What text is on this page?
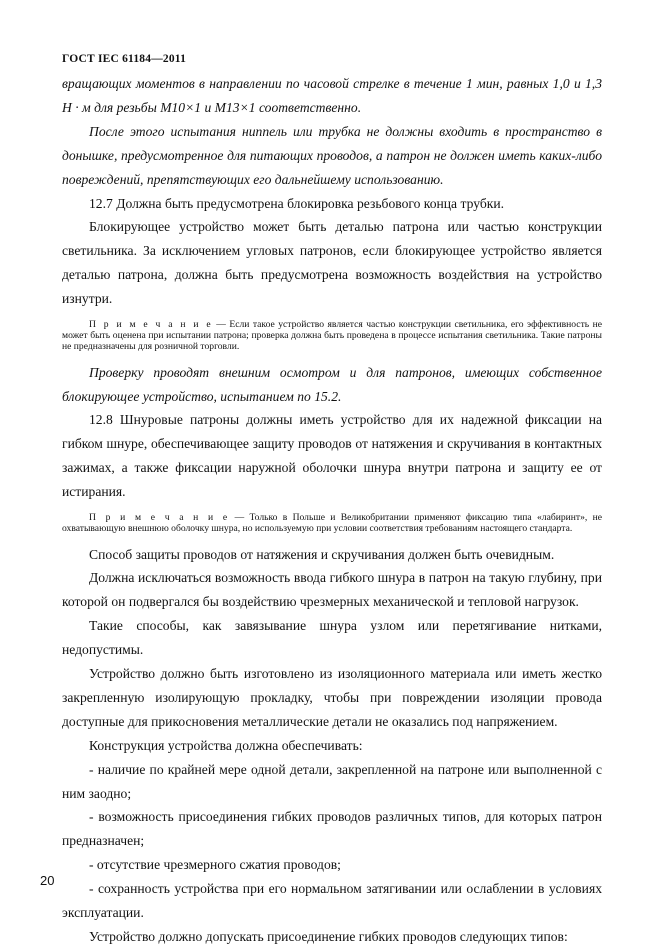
ГОСТ IEC 61184—2011

вращающих моментов в направлении по часовой стрелке в течение 1 мин, равных 1,0 и 1,3 Н · м для резьбы М10×1 и М13×1 соответственно.

После этого испытания ниппель или трубка не должны входить в пространство в донышке, предусмотренное для питающих проводов, а патрон не должен иметь каких-либо повреждений, препятствующих его дальнейшему использованию.

12.7 Должна быть предусмотрена блокировка резьбового конца трубки.

Блокирующее устройство может быть деталью патрона или частью конструкции светильника. За исключением угловых патронов, если блокирующее устройство является деталью патрона, должна быть предусмотрена возможность воздействия на устройство изнутри.

П р и м е ч а н и е — Если такое устройство является частью конструкции светильника, его эффективность не может быть оценена при испытании патрона; проверка должна быть проведена в процессе испытания светильника. Такие патроны не предназначены для розничной торговли.

Проверку проводят внешним осмотром и для патронов, имеющих собственное блокирующее устройство, испытанием по 15.2.

12.8 Шнуровые патроны должны иметь устройство для их надежной фиксации на гибком шнуре, обеспечивающее защиту проводов от натяжения и скручивания в контактных зажимах, а также фиксации наружной оболочки шнура внутри патрона и защиту ее от истирания.

П р и м е ч а н и е — Только в Польше и Великобритании применяют фиксацию типа «лабиринт», не охватывающую внешнюю оболочку шнура, но используемую при условии соответствия требованиям настоящего стандарта.

Способ защиты проводов от натяжения и скручивания должен быть очевидным.

Должна исключаться возможность ввода гибкого шнура в патрон на такую глубину, при которой он подвергался бы воздействию чрезмерных механической и тепловой нагрузок.

Такие способы, как завязывание шнура узлом или перетягивание нитками, недопустимы.

Устройство должно быть изготовлено из изоляционного материала или иметь жестко закрепленную изолирующую прокладку, чтобы при повреждении изоляции провода доступные для прикосновения металлические детали не оказались под напряжением.

Конструкция устройства должна обеспечивать:

- наличие по крайней мере одной детали, закрепленной на патроне или выполненной с ним заодно;

- возможность присоединения гибких проводов различных типов, для которых патрон предназначен;

- отсутствие чрезмерного сжатия проводов;

- сохранность устройства при его нормальном затягивании или ослаблении в условиях эксплуатации.

Устройство должно допускать присоединение гибких проводов следующих типов:

20
